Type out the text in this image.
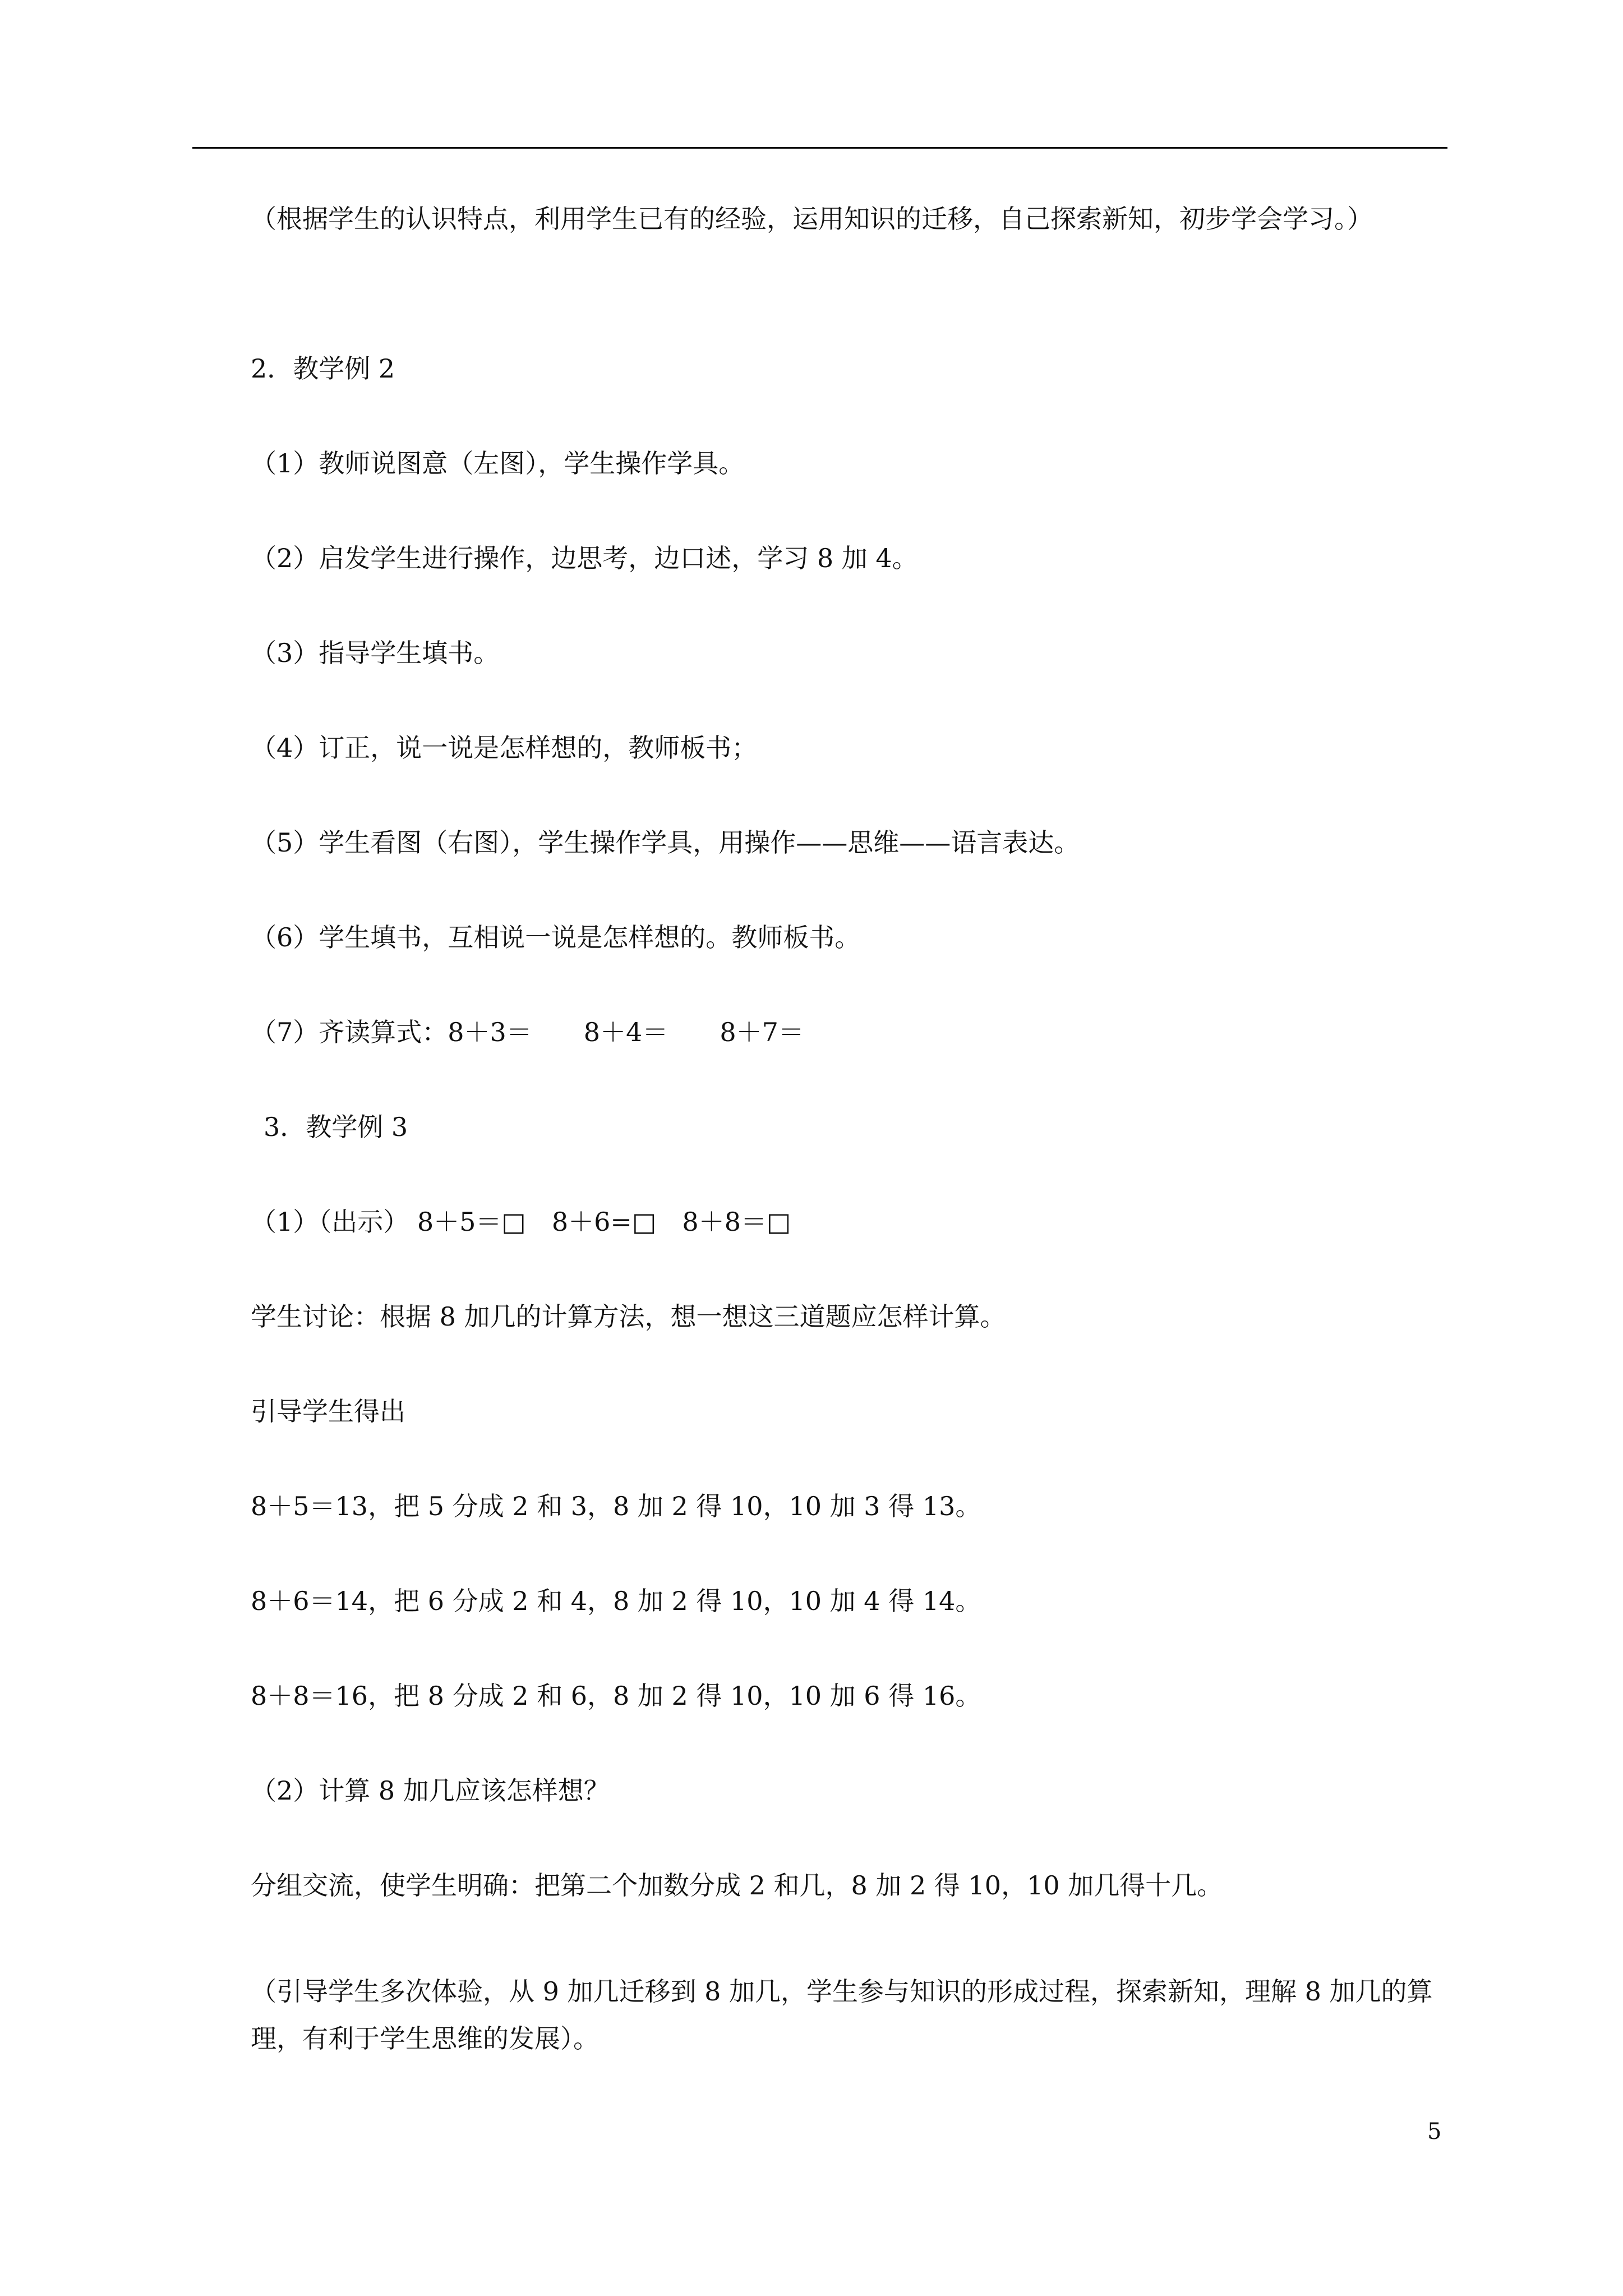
（根据学生的认识特点，利用学生已有的经验，运用知识的迁移，自己探索新知，初步学会学习。）

2．教学例 2

（1）教师说图意（左图），学生操作学具。

（2）启发学生进行操作，边思考，边口述，学习 8 加 4。

（3）指导学生填书。

（4）订正，说一说是怎样想的，教师板书；

（5）学生看图（右图），学生操作学具，用操作——思维——语言表达。

（6）学生填书，互相说一说是怎样想的。教师板书。

（7）齐读算式：8＋3＝　　8＋4＝　　8＋7＝

3．教学例 3

（1）（出示） 8＋5＝□　8＋6=□　8＋8＝□

学生讨论：根据 8 加几的计算方法，想一想这三道题应怎样计算。

引导学生得出

8＋5＝13，把 5 分成 2 和 3，8 加 2 得 10，10 加 3 得 13。

8＋6＝14，把 6 分成 2 和 4，8 加 2 得 10，10 加 4 得 14。

8＋8＝16，把 8 分成 2 和 6，8 加 2 得 10，10 加 6 得 16。

（2）计算 8 加几应该怎样想？

分组交流，使学生明确：把第二个加数分成 2 和几，8 加 2 得 10，10 加几得十几。

（引导学生多次体验，从 9 加几迁移到 8 加几，学生参与知识的形成过程，探索新知，理解 8 加几的算理，有利于学生思维的发展）。

5
